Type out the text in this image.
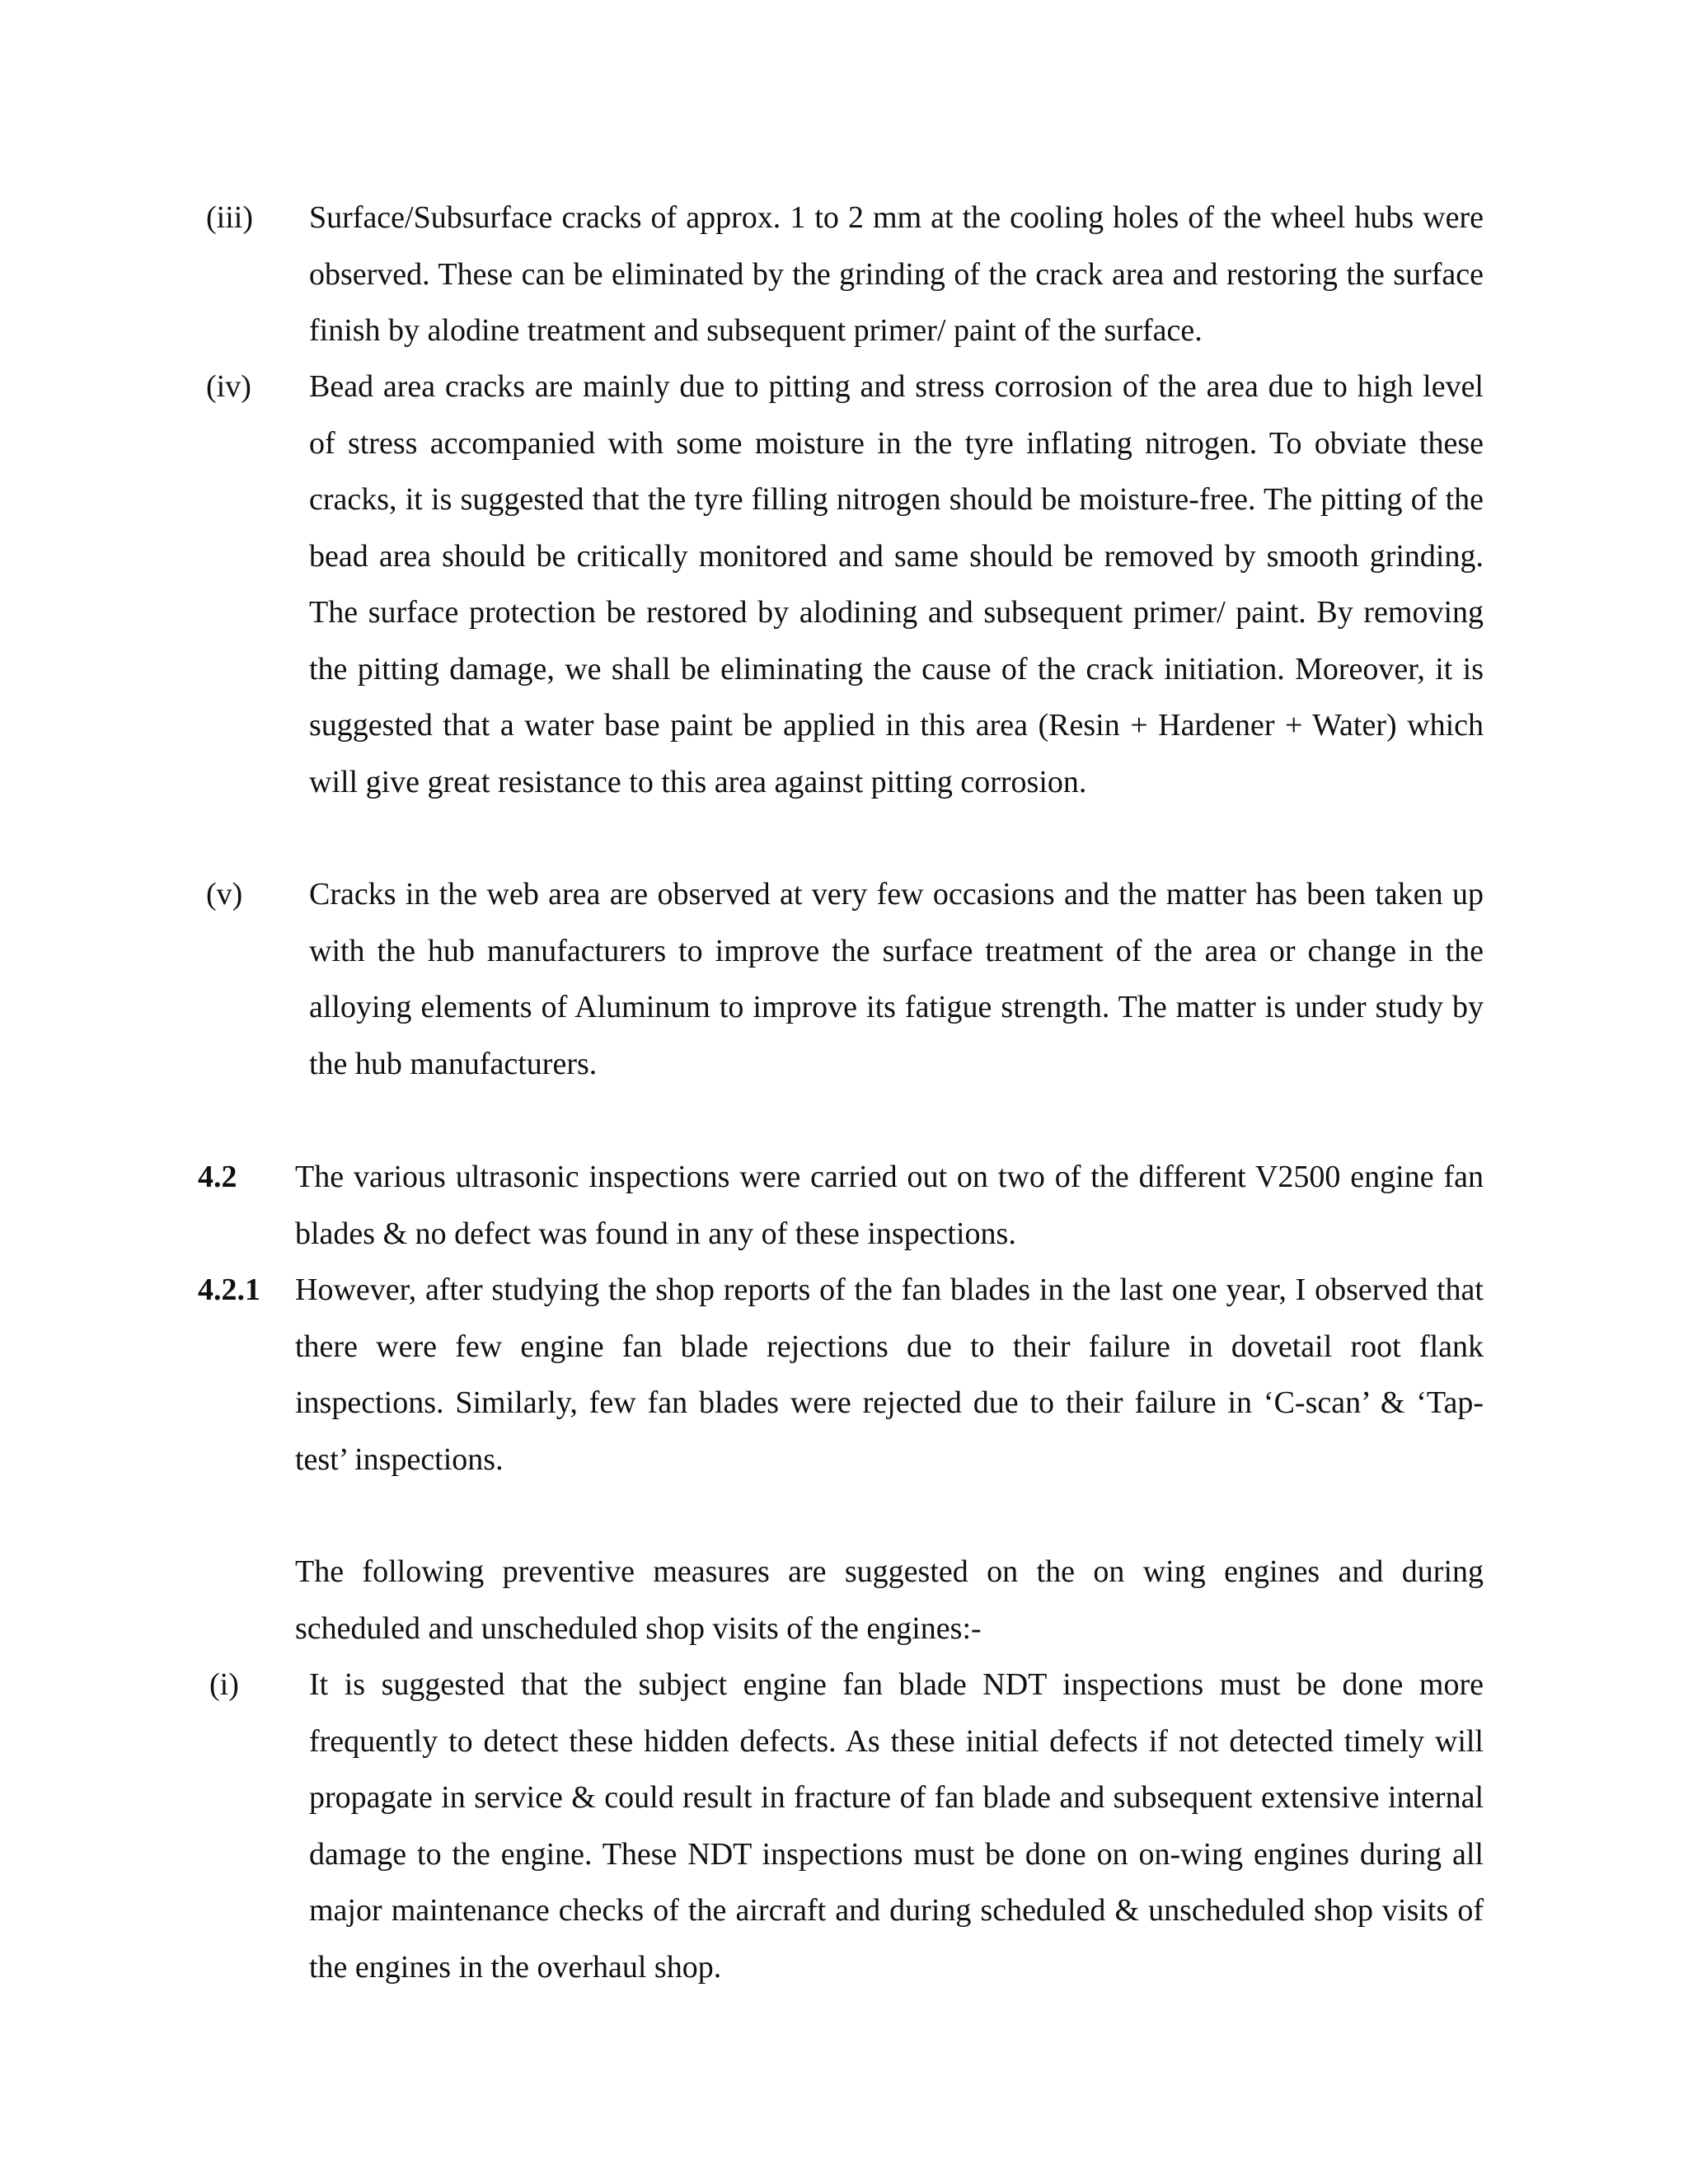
(iii) Surface/Subsurface cracks of approx. 1 to 2 mm at the cooling holes of the wheel hubs were observed. These can be eliminated by the grinding of the crack area and restoring the surface finish by alodine treatment and subsequent primer/ paint of the surface.

(iv) Bead area cracks are mainly due to pitting and stress corrosion of the area due to high level of stress accompanied with some moisture in the tyre inflating nitrogen. To obviate these cracks, it is suggested that the tyre filling nitrogen should be moisture-free. The pitting of the bead area should be critically monitored and same should be removed by smooth grinding. The surface protection be restored by alodining and subsequent primer/ paint. By removing the pitting damage, we shall be eliminating the cause of the crack initiation. Moreover, it is suggested that a water base paint be applied in this area (Resin + Hardener + Water) which will give great resistance to this area against pitting corrosion.

(v) Cracks in the web area are observed at very few occasions and the matter has been taken up with the hub manufacturers to improve the surface treatment of the area or change in the alloying elements of Aluminum to improve its fatigue strength. The matter is under study by the hub manufacturers.

4.2 The various ultrasonic inspections were carried out on two of the different V2500 engine fan blades & no defect was found in any of these inspections.

4.2.1 However, after studying the shop reports of the fan blades in the last one year, I observed that there were few engine fan blade rejections due to their failure in dovetail root flank inspections. Similarly, few fan blades were rejected due to their failure in ‘C-scan’ & ‘Tap-test’ inspections.

The following preventive measures are suggested on the on wing engines and during scheduled and unscheduled shop visits of the engines:-

(i) It is suggested that the subject engine fan blade NDT inspections must be done more frequently to detect these hidden defects. As these initial defects if not detected timely will propagate in service & could result in fracture of fan blade and subsequent extensive internal damage to the engine. These NDT inspections must be done on on-wing engines during all major maintenance checks of the aircraft and during scheduled & unscheduled shop visits of the engines in the overhaul shop.
